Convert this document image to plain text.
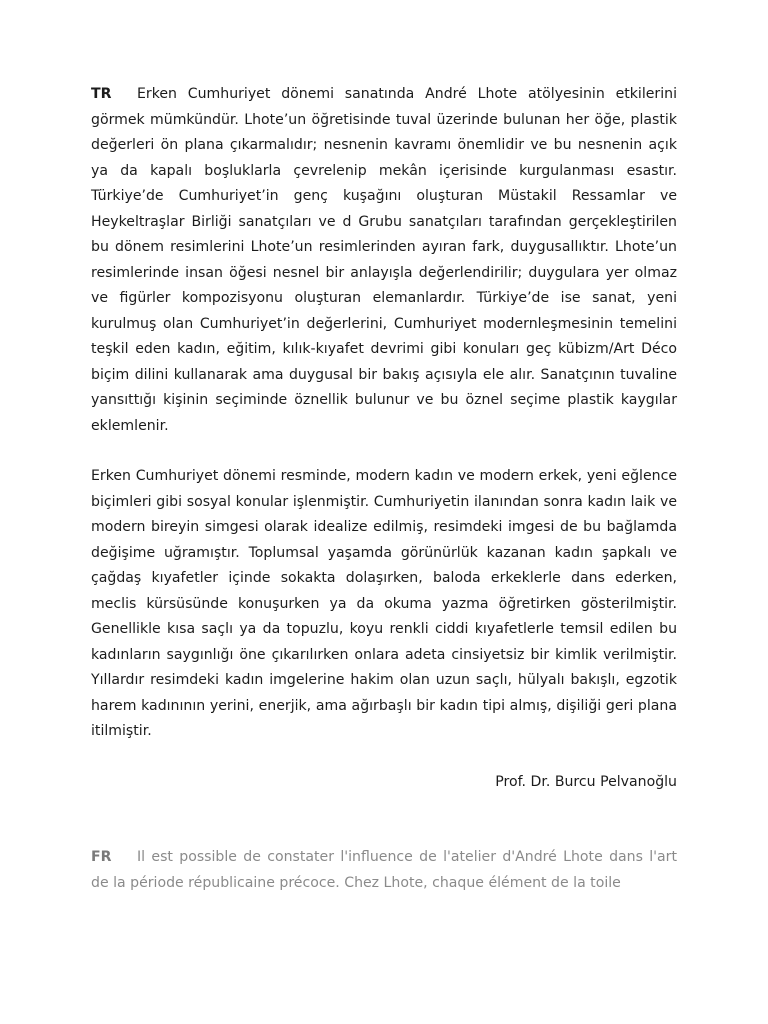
TR Erken Cumhuriyet dönemi sanatında André Lhote atölyesinin etkilerini görmek mümkündür. Lhote’un öğretisinde tuval üzerinde bulunan her öğe, plastik değerleri ön plana çıkarmalıdır; nesnenin kavramı önemlidir ve bu nesnenin açık ya da kapalı boşluklarla çevrelenip mekân içerisinde kurgulanması esastır. Türkiye’de Cumhuriyet’in genç kuşağını oluşturan Müstakil Ressamlar ve Heykeltraşlar Birliği sanatçıları ve d Grubu sanatçıları tarafından gerçekleştirilen bu dönem resimlerini Lhote’un resimlerinden ayıran fark, duygusallıktır. Lhote’un resimlerinde insan öğesi nesnel bir anlayışla değerlendirilir; duygulara yer olmaz ve figürler kompozisyonu oluşturan elemanlardır. Türkiye’de ise sanat, yeni kurulmuş olan Cumhuriyet’in değerlerini, Cumhuriyet modernleşmesinin temelini teşkil eden kadın, eğitim, kılık-kıyafet devrimi gibi konuları geç kübizm/Art Déco biçim dilini kullanarak ama duygusal bir bakış açısıyla ele alır. Sanatçının tuvaline yansıttığı kişinin seçiminde öznellik bulunur ve bu öznel seçime plastik kaygılar eklemlenir.

Erken Cumhuriyet dönemi resminde, modern kadın ve modern erkek, yeni eğlence biçimleri gibi sosyal konular işlenmiştir. Cumhuriyetin ilanından sonra kadın laik ve modern bireyin simgesi olarak idealize edilmiş, resimdeki imgesi de bu bağlamda değişime uğramıştır. Toplumsal yaşamda görünürlük kazanan kadın şapkalı ve çağdaş kıyafetler içinde sokakta dolaşırken, baloda erkeklerle dans ederken, meclis kürsüsünde konuşurken ya da okuma yazma öğretirken gösterilmiştir. Genellikle kısa saçlı ya da topuzlu, koyu renkli ciddi kıyafetlerle temsil edilen bu kadınların saygınlığı öne çıkarılırken onlara adeta cinsiyetsiz bir kimlik verilmiştir. Yıllardır resimdeki kadın imgelerine hakim olan uzun saçlı, hülyalı bakışlı, egzotik harem kadınının yerini, enerjik, ama ağırbaşlı bir kadın tipi almış, dişiliği geri plana itilmiştir.

Prof. Dr. Burcu Pelvanoğlu

FR Il est possible de constater l'influence de l'atelier d'André Lhote dans l'art de la période républicaine précoce. Chez Lhote, chaque élément de la toile
